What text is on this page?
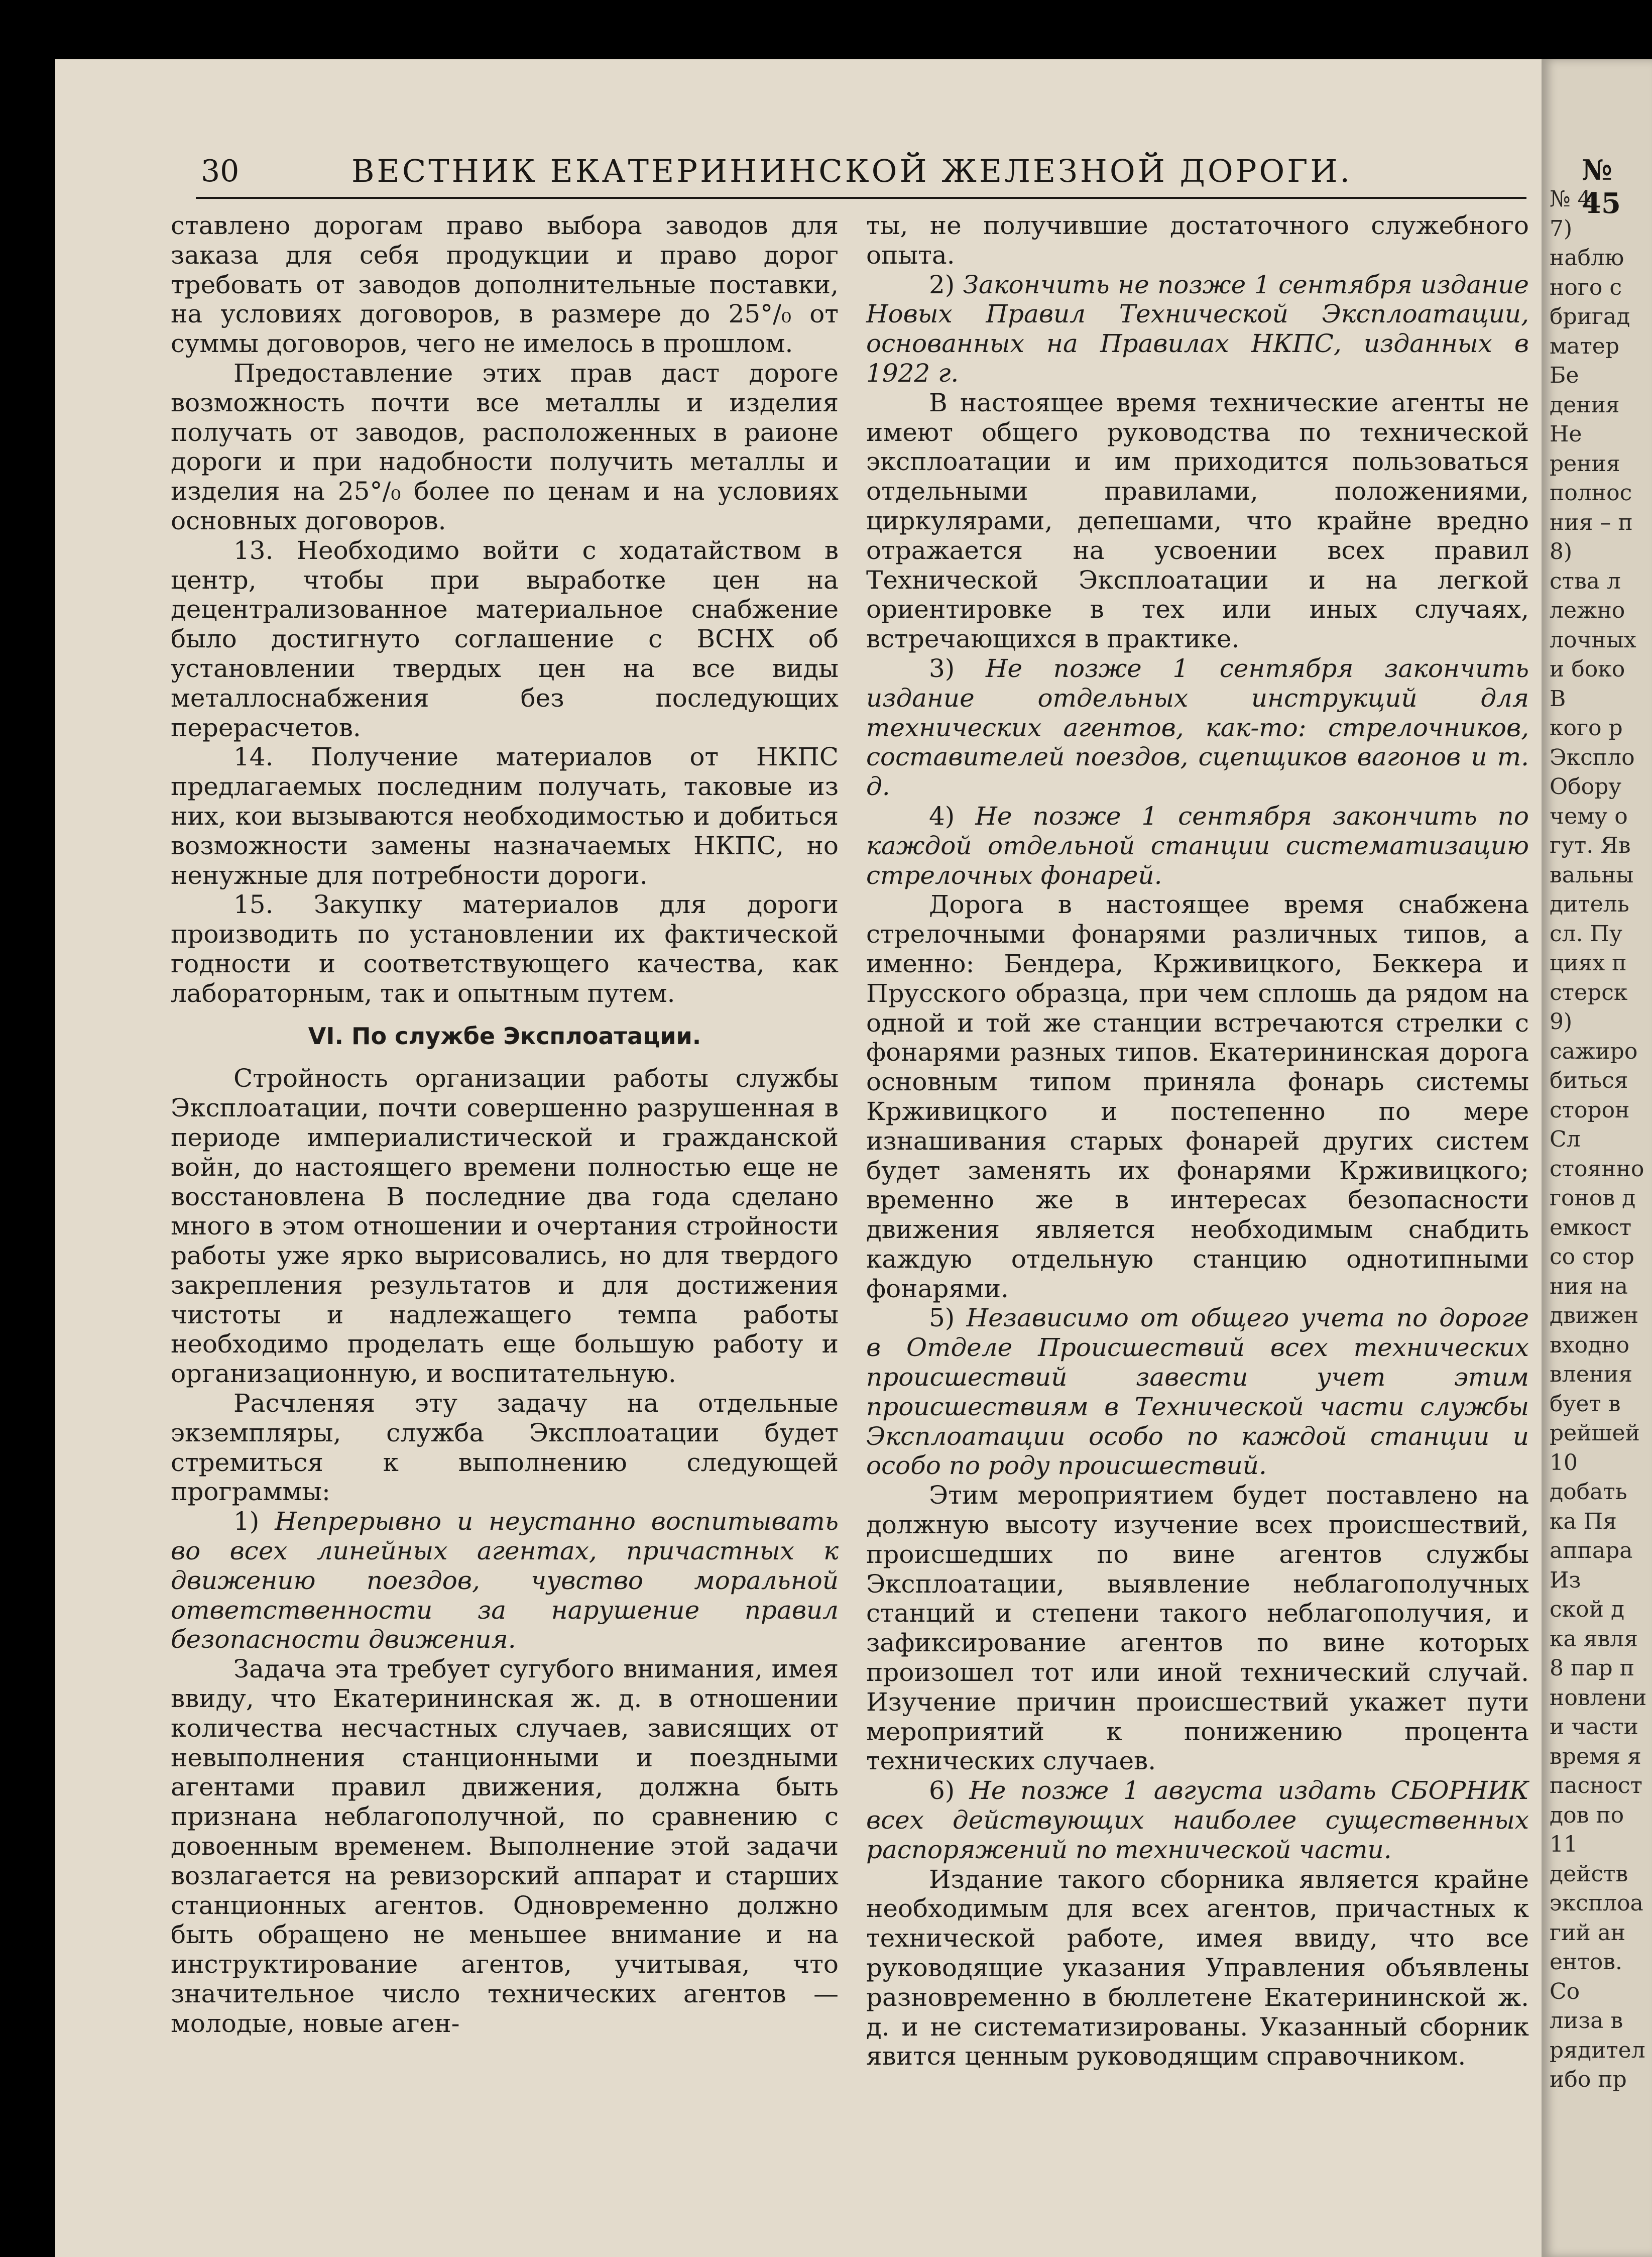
№ 4
7)
наблю
ного с
бригад
матер
Бе
дения
Не
рения
полнос
ния – п
8)
ства л
лежно
лочных
и боко
В
кого р
Экспло
Обору
чему о
гут. Яв
вальны
дитель
сл. Пу
циях п
стерск
9)
сажиро
биться
сторон
Сл
стоянно
гонов д
емкост
со стор
ния на
движен
входно
вления
бует в
рейшей
10
добать
ка Пя
аппара
Из
ской д
ка явля
8 пар п
новлени
и части
время я
пасност
дов по
11
действ
эксплоа
гий ан
ентов.
Со
лиза в
рядител
ибо пр
30	ВЕСТНИК ЕКАТЕРИНИНСКОЙ ЖЕЛЕЗНОЙ ДОРОГИ.	№ 45

ставлено дорогам право выбора заводов для заказа для себя продукции и право дорог требовать от заводов дополнительные поставки, на условиях договоров, в размере до 25°/₀ от суммы договоров, чего не имелось в прошлом.

Предоставление этих прав даст дороге возможность почти все металлы и изделия получать от заводов, расположенных в раионе дороги и при надобности получить металлы и изделия на 25°/₀ более по ценам и на условиях основных договоров.

13. Необходимо войти с ходатайством в центр, чтобы при выработке цен на децентрализованное материальное снабжение было достигнуто соглашение с ВСНХ об установлении твердых цен на все виды металлоснабжения без последующих перерасчетов.

14. Получение материалов от НКПС предлагаемых последним получать, таковые из них, кои вызываются необходимостью и добиться возможности замены назначаемых НКПС, но ненужные для потребности дороги.

15. Закупку материалов для дороги производить по установлении их фактической годности и соответствующего качества, как лабораторным, так и опытным путем.

VI. По службе Эксплоатации.

Стройность организации работы службы Эксплоатации, почти совершенно разрушенная в периоде империалистической и гражданской войн, до настоящего времени полностью еще не восстановлена В последние два года сделано много в этом отношении и очертания стройности работы уже ярко вырисовались, но для твердого закрепления результатов и для достижения чистоты и надлежащего темпа работы необходимо проделать еще большую работу и организационную, и воспитательную.

Расчленяя эту задачу на отдельные экземпляры, служба Эксплоатации будет стремиться к выполнению следующей программы:

1) Непрерывно и неустанно воспитывать во всех линейных агентах, причастных к движению поездов, чувство моральной ответственности за нарушение правил безопасности движения.

Задача эта требует сугубого внимания, имея ввиду, что Екатерининская ж. д. в отношении количества несчастных случаев, зависящих от невыполнения станционными и поездными агентами правил движения, должна быть признана неблагополучной, по сравнению с довоенным временем. Выполнение этой задачи возлагается на ревизорский аппарат и старших станционных агентов. Одновременно должно быть обращено не меньшее внимание и на инструктирование агентов, учитывая, что значительное число технических агентов — молодые, новые аген-

ты, не получившие достаточного служебного опыта.

2) Закончить не позже 1 сентября издание Новых Правил Технической Эксплоатации, основанных на Правилах НКПС, изданных в 1922 г.

В настоящее время технические агенты не имеют общего руководства по технической эксплоатации и им приходится пользоваться отдельными правилами, положениями, циркулярами, депешами, что крайне вредно отражается на усвоении всех правил Технической Эксплоатации и на легкой ориентировке в тех или иных случаях, встречающихся в практике.

3) Не позже 1 сентября закончить издание отдельных инструкций для технических агентов, как-то: стрелочников, составителей поездов, сцепщиков вагонов и т. д.

4) Не позже 1 сентября закончить по каждой отдельной станции систематизацию стрелочных фонарей.

Дорога в настоящее время снабжена стрелочными фонарями различных типов, а именно: Бендера, Крживицкого, Беккера и Прусского образца, при чем сплошь да рядом на одной и той же станции встречаются стрелки с фонарями разных типов. Екатерининская дорога основным типом приняла фонарь системы Крживицкого и постепенно по мере изнашивания старых фонарей других систем будет заменять их фонарями Крживицкого; временно же в интересах безопасности движения является необходимым снабдить каждую отдельную станцию однотипными фонарями.

5) Независимо от общего учета по дороге в Отделе Происшествий всех технических происшествий завести учет этим происшествиям в Технической части службы Эксплоатации особо по каждой станции и особо по роду происшествий.

Этим мероприятием будет поставлено на должную высоту изучение всех происшествий, происшедших по вине агентов службы Эксплоатации, выявление неблагополучных станций и степени такого неблагополучия, и зафиксирование агентов по вине которых произошел тот или иной технический случай. Изучение причин происшествий укажет пути мероприятий к понижению процента технических случаев.

6) Не позже 1 августа издать СБОРНИК всех действующих наиболее существенных распоряжений по технической части.

Издание такого сборника является крайне необходимым для всех агентов, причастных к технической работе, имея ввиду, что все руководящие указания Управления объявлены разновременно в бюллетене Екатерининской ж. д. и не систематизированы. Указанный сборник явится ценным руководящим справочником.
